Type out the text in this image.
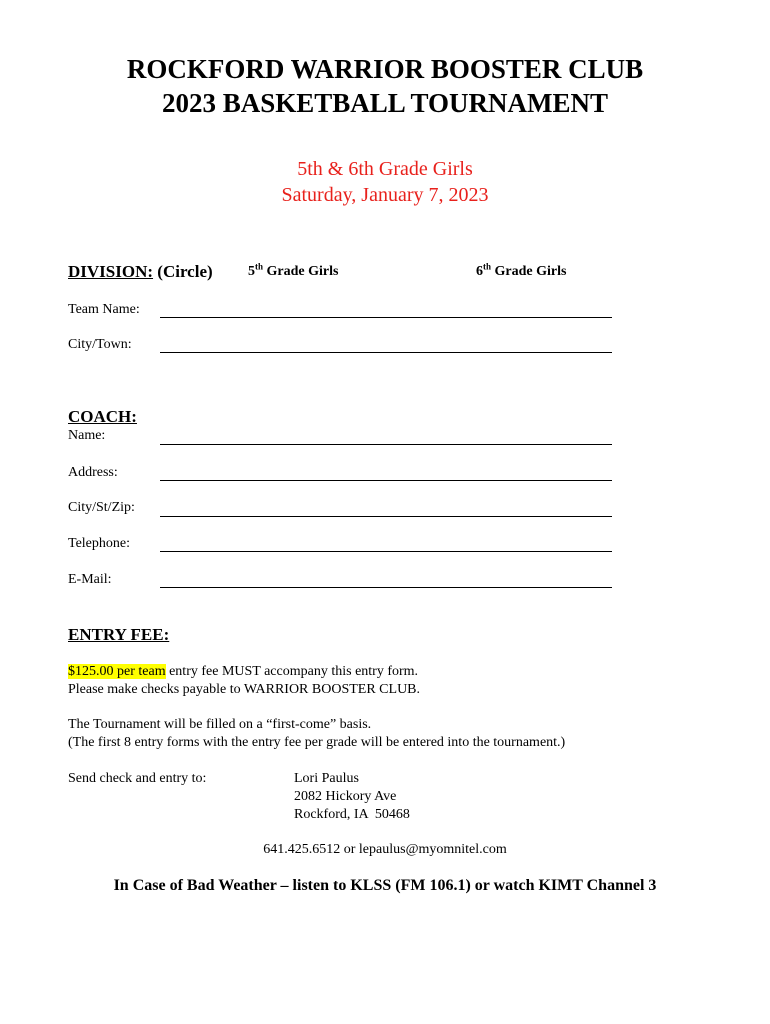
ROCKFORD WARRIOR BOOSTER CLUB
2023 BASKETBALL TOURNAMENT
5th & 6th Grade Girls
Saturday, January 7, 2023
DIVISION: (Circle)	5th Grade Girls	6th Grade Girls
Team Name:
City/Town:
COACH:
Name:
Address:
City/St/Zip:
Telephone:
E-Mail:
ENTRY FEE:
$125.00 per team entry fee MUST accompany this entry form.
Please make checks payable to WARRIOR BOOSTER CLUB.
The Tournament will be filled on a “first-come” basis.
(The first 8 entry forms with the entry fee per grade will be entered into the tournament.)
Send check and entry to:	Lori Paulus
2082 Hickory Ave
Rockford, IA  50468
641.425.6512 or lepaulus@myomnitel.com
In Case of Bad Weather – listen to KLSS (FM 106.1) or watch KIMT Channel 3
